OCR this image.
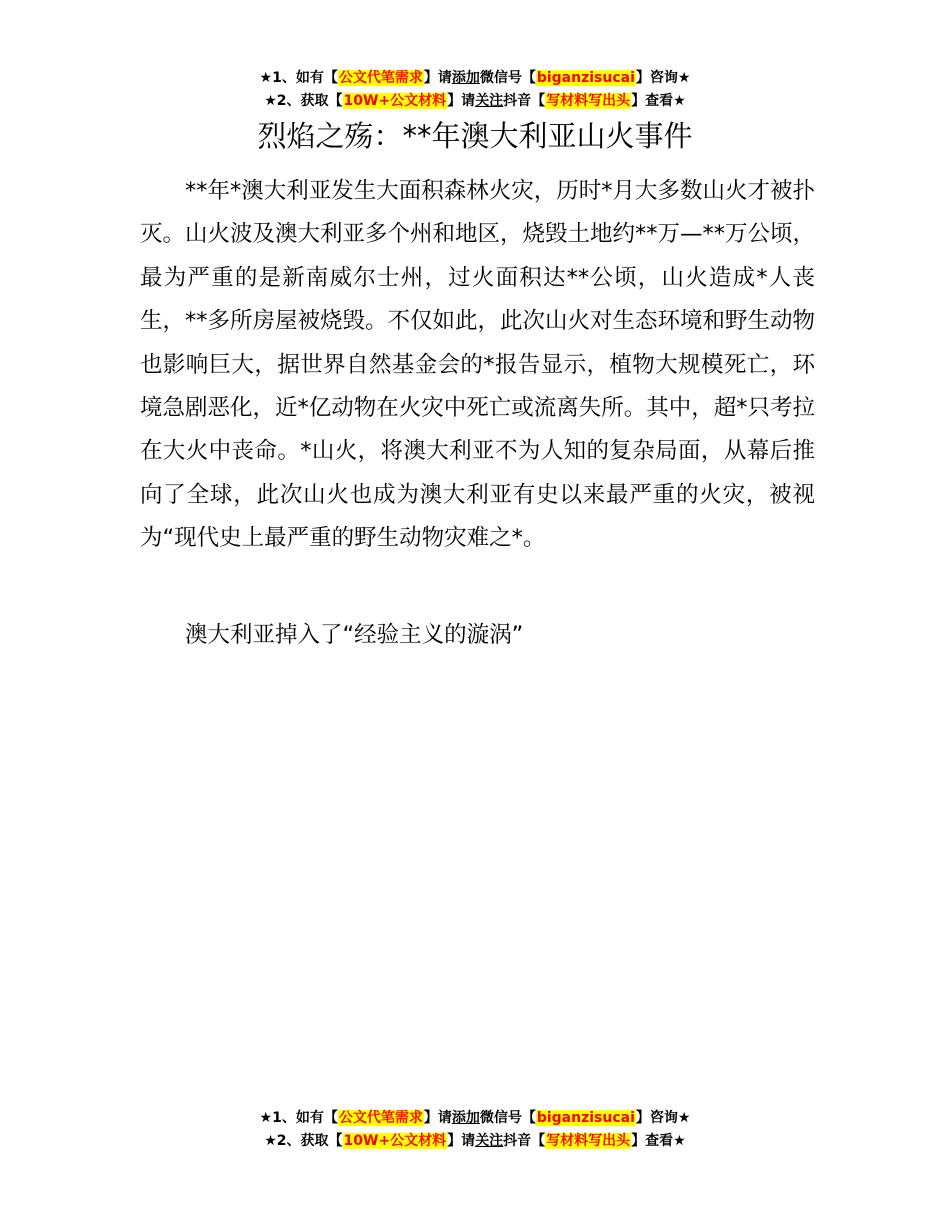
★1、如有【公文代笔需求】请添加微信号【biganzisucai】咨询★
★2、获取【10W+公文材料】请关注抖音【写材料写出头】查看★
烈焰之殇：**年澳大利亚山火事件
**年*澳大利亚发生大面积森林火灾，历时*月大多数山火才被扑灭。山火波及澳大利亚多个州和地区，烧毁土地约**万—**万公顷，最为严重的是新南威尔士州，过火面积达**公顷，山火造成*人丧生，**多所房屋被烧毁。不仅如此，此次山火对生态环境和野生动物也影响巨大，据世界自然基金会的*报告显示，植物大规模死亡，环境急剧恶化，近*亿动物在火灾中死亡或流离失所。其中，超*只考拉在大火中丧命。*山火，将澳大利亚不为人知的复杂局面，从幕后推向了全球，此次山火也成为澳大利亚有史以来最严重的火灾，被视为“现代史上最严重的野生动物灾难之*。
澳大利亚掉入了“经验主义的漩涡”
★1、如有【公文代笔需求】请添加微信号【biganzisucai】咨询★
★2、获取【10W+公文材料】请关注抖音【写材料写出头】查看★
